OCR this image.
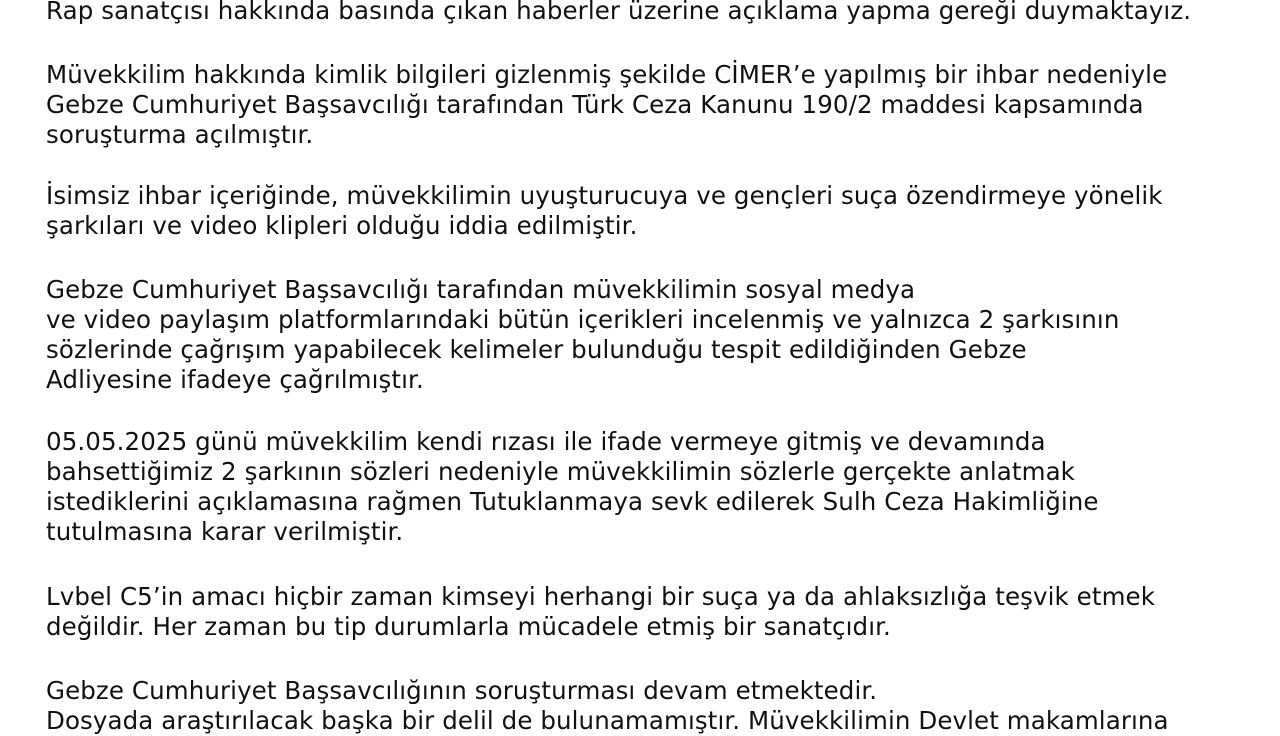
Rap sanatçısı hakkında basında çıkan haberler üzerine açıklama yapma gereği duymaktayız.

Müvekkilim hakkında kimlik bilgileri gizlenmiş şekilde CİMER’e yapılmış bir ihbar nedeniyle
Gebze Cumhuriyet Başsavcılığı tarafından Türk Ceza Kanunu 190/2 maddesi kapsamında
soruşturma açılmıştır.

İsimsiz ihbar içeriğinde, müvekkilimin uyuşturucuya ve gençleri suça özendirmeye yönelik
şarkıları ve video klipleri olduğu iddia edilmiştir.

Gebze Cumhuriyet Başsavcılığı tarafından müvekkilimin sosyal medya
ve video paylaşım platformlarındaki bütün içerikleri incelenmiş ve yalnızca 2 şarkısının
sözlerinde çağrışım yapabilecek kelimeler bulunduğu tespit edildiğinden Gebze
Adliyesine ifadeye çağrılmıştır.

05.05.2025 günü müvekkilim kendi rızası ile ifade vermeye gitmiş ve devamında
bahsettiğimiz 2 şarkının sözleri nedeniyle müvekkilimin sözlerle gerçekte anlatmak
istediklerini açıklamasına rağmen Tutuklanmaya sevk edilerek Sulh Ceza Hakimliğine
tutulmasına karar verilmiştir.

Lvbel C5’in amacı hiçbir zaman kimseyi herhangi bir suça ya da ahlaksızlığa teşvik etmek
değildir. Her zaman bu tip durumlarla mücadele etmiş bir sanatçıdır.

Gebze Cumhuriyet Başsavcılığının soruşturması devam etmektedir.
Dosyada araştırılacak başka bir delil de bulunamamıştır. Müvekkilimin Devlet makamlarına
